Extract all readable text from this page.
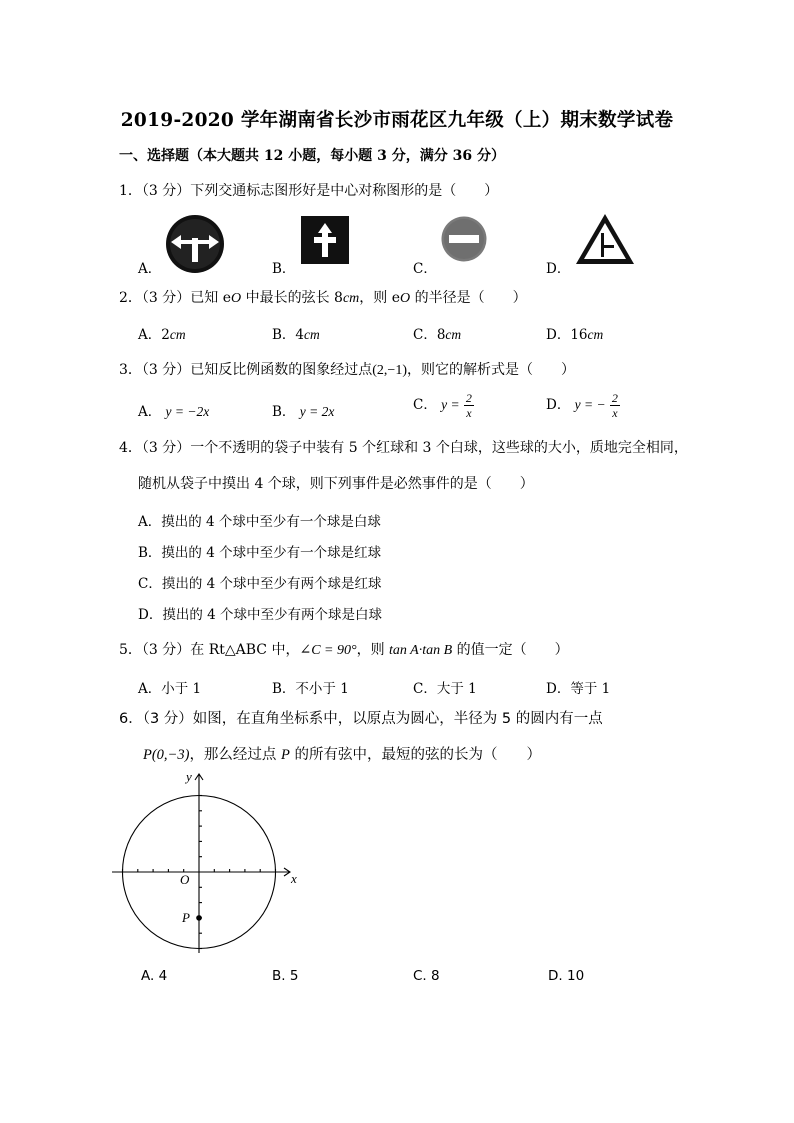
2019-2020 学年湖南省长沙市雨花区九年级（上）期末数学试卷
一、选择题（本大题共 12 小题，每小题 3 分，满分 36 分）
1．（3 分）下列交通标志图形好是中心对称图形的是（　　）
A．	B．	C．	D．
2．（3 分）已知 eO 中最长的弦长 8cm，则 eO 的半径是（　　）
A．2cm	B．4cm	C．8cm	D．16cm
3．（3 分）已知反比例函数的图象经过点(2,−1)，则它的解析式是（　　）
A． y = −2x	B． y = 2x	C． $y = \frac{2}{x}$	D． y = − $\frac{2}{x}$
4．（3 分）一个不透明的袋子中装有 5 个红球和 3 个白球，这些球的大小，质地完全相同，
随机从袋子中摸出 4 个球，则下列事件是必然事件的是（　　）
A．摸出的 4 个球中至少有一个球是白球
B．摸出的 4 个球中至少有一个球是红球
C．摸出的 4 个球中至少有两个球是红球
D．摸出的 4 个球中至少有两个球是白球
5．（3 分）在 Rt△ABC 中，∠C = 90°，则 tan A·tan B 的值一定（　　）
A．小于 1	B．不小于 1	C．大于 1	D．等于 1
6．（3 分）如图，在直角坐标系中，以原点为圆心，半径为 5 的圆内有一点
P(0,−3)，那么经过点 P 的所有弦中，最短的弦的长为（　　）
x
y
O
P
A. 4	B. 5	C. 8	D. 10
